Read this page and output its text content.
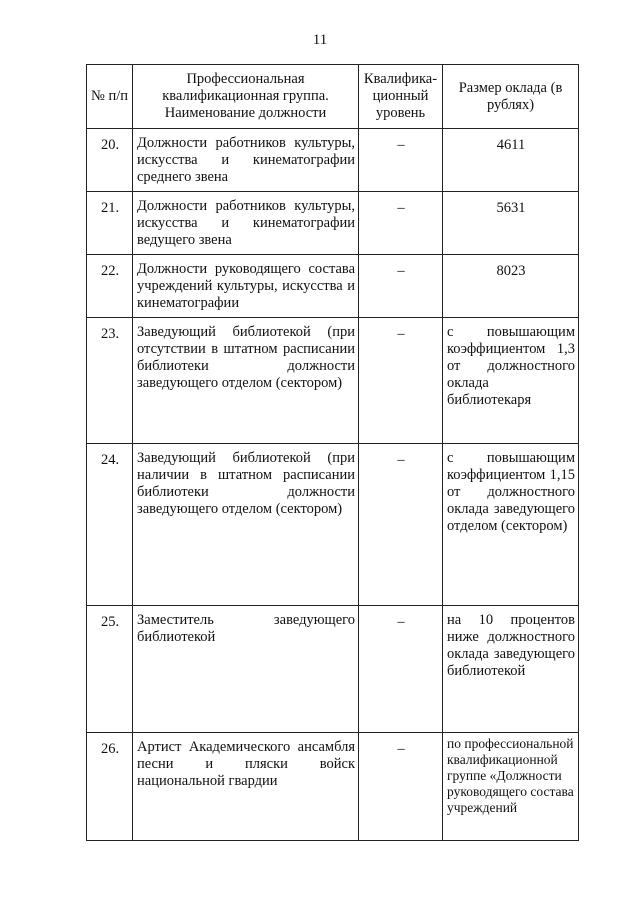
11
№ п/п	Профессиональная квалификационная группа. Наименование должности	Квалифика-ционный уровень	Размер оклада (в рублях)
20.	Должности работников культуры, искусства и кинематографии среднего звена	–	4611
21.	Должности работников культуры, искусства и кинематографии ведущего звена	–	5631
22.	Должности руководящего состава учреждений культуры, искусства и кинематографии	–	8023
23.	Заведующий библиотекой (при отсутствии в штатном расписании библиотеки должности заведующего отделом (сектором)	–	с повышающим коэффициентом 1,3 от должностного оклада библиотекаря
24.	Заведующий библиотекой (при наличии в штатном расписании библиотеки должности заведующего отделом (сектором)	–	с повышающим коэффициентом 1,15 от должностного оклада заведующего отделом (сектором)
25.	Заместитель заведующего библиотекой	–	на 10 процентов ниже должностного оклада заведующего библиотекой
26.	Артист Академического ансамбля песни и пляски войск национальной гвардии	–	по профессиональной квалификационной группе «Должности руководящего состава учреждений
